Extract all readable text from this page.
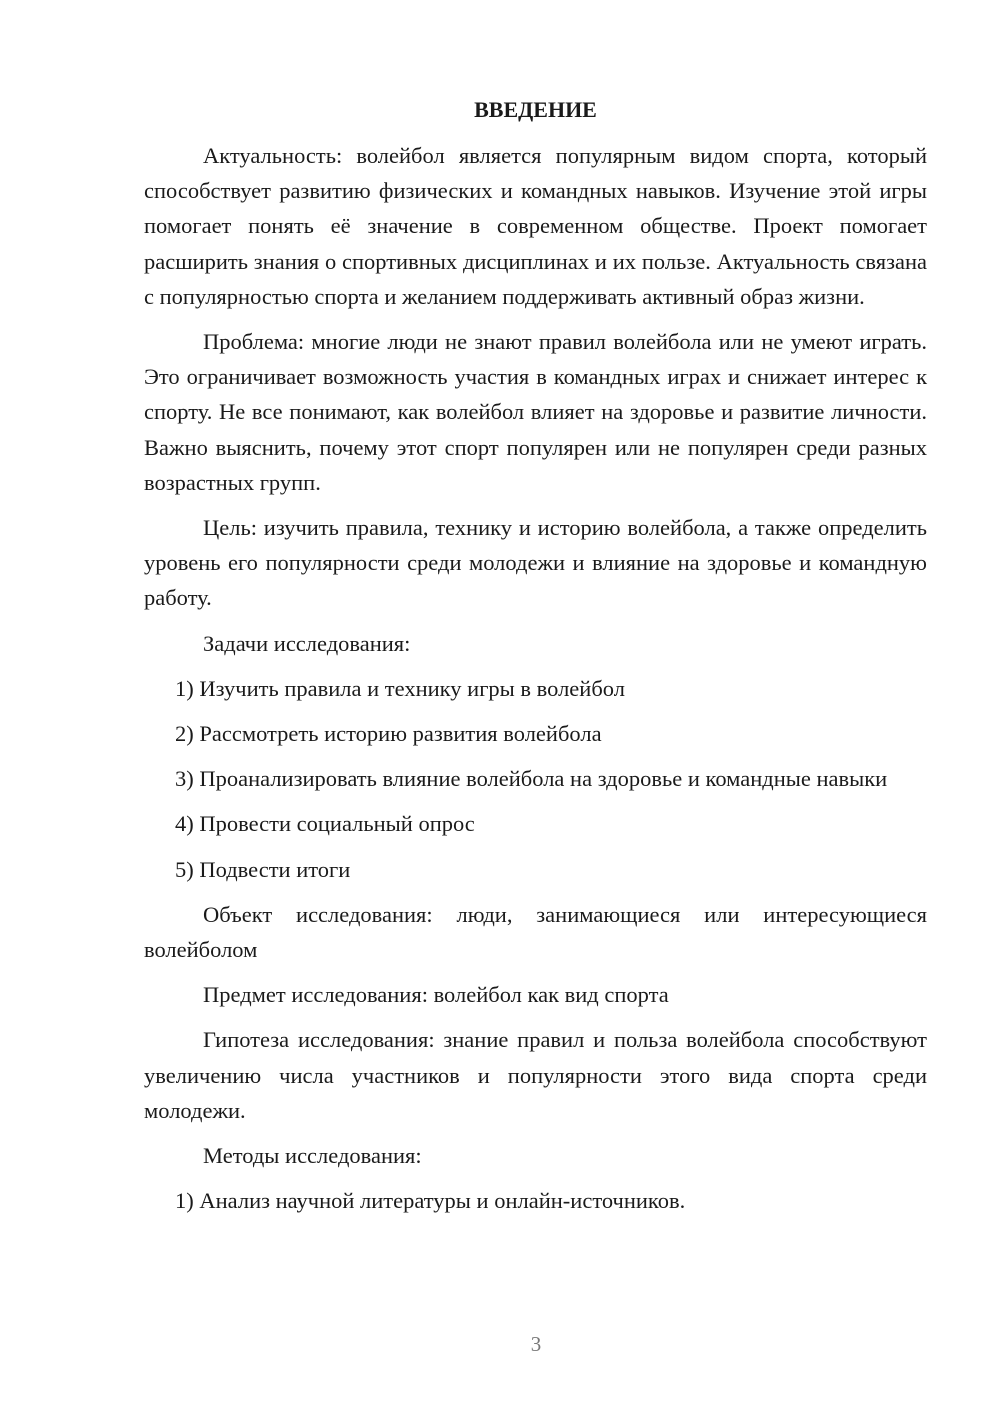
ВВЕДЕНИЕ

Актуальность: волейбол является популярным видом спорта, который способствует развитию физических и командных навыков. Изучение этой игры помогает понять её значение в современном обществе. Проект помогает расширить знания о спортивных дисциплинах и их пользе. Актуальность связана с популярностью спорта и желанием поддерживать активный образ жизни.

Проблема: многие люди не знают правил волейбола или не умеют играть. Это ограничивает возможность участия в командных играх и снижает интерес к спорту. Не все понимают, как волейбол влияет на здоровье и развитие личности. Важно выяснить, почему этот спорт популярен или не популярен среди разных возрастных групп.

Цель: изучить правила, технику и историю волейбола, а также определить уровень его популярности среди молодежи и влияние на здоровье и командную работу.

Задачи исследования:

1) Изучить правила и технику игры в волейбол

2) Рассмотреть историю развития волейбола

3) Проанализировать влияние волейбола на здоровье и командные навыки

4) Провести социальный опрос

5) Подвести итоги

Объект исследования: люди, занимающиеся или интересующиеся волейболом

Предмет исследования: волейбол как вид спорта

Гипотеза исследования: знание правил и польза волейбола способствуют увеличению числа участников и популярности этого вида спорта среди молодежи.

Методы исследования:

1) Анализ научной литературы и онлайн-источников.

3
